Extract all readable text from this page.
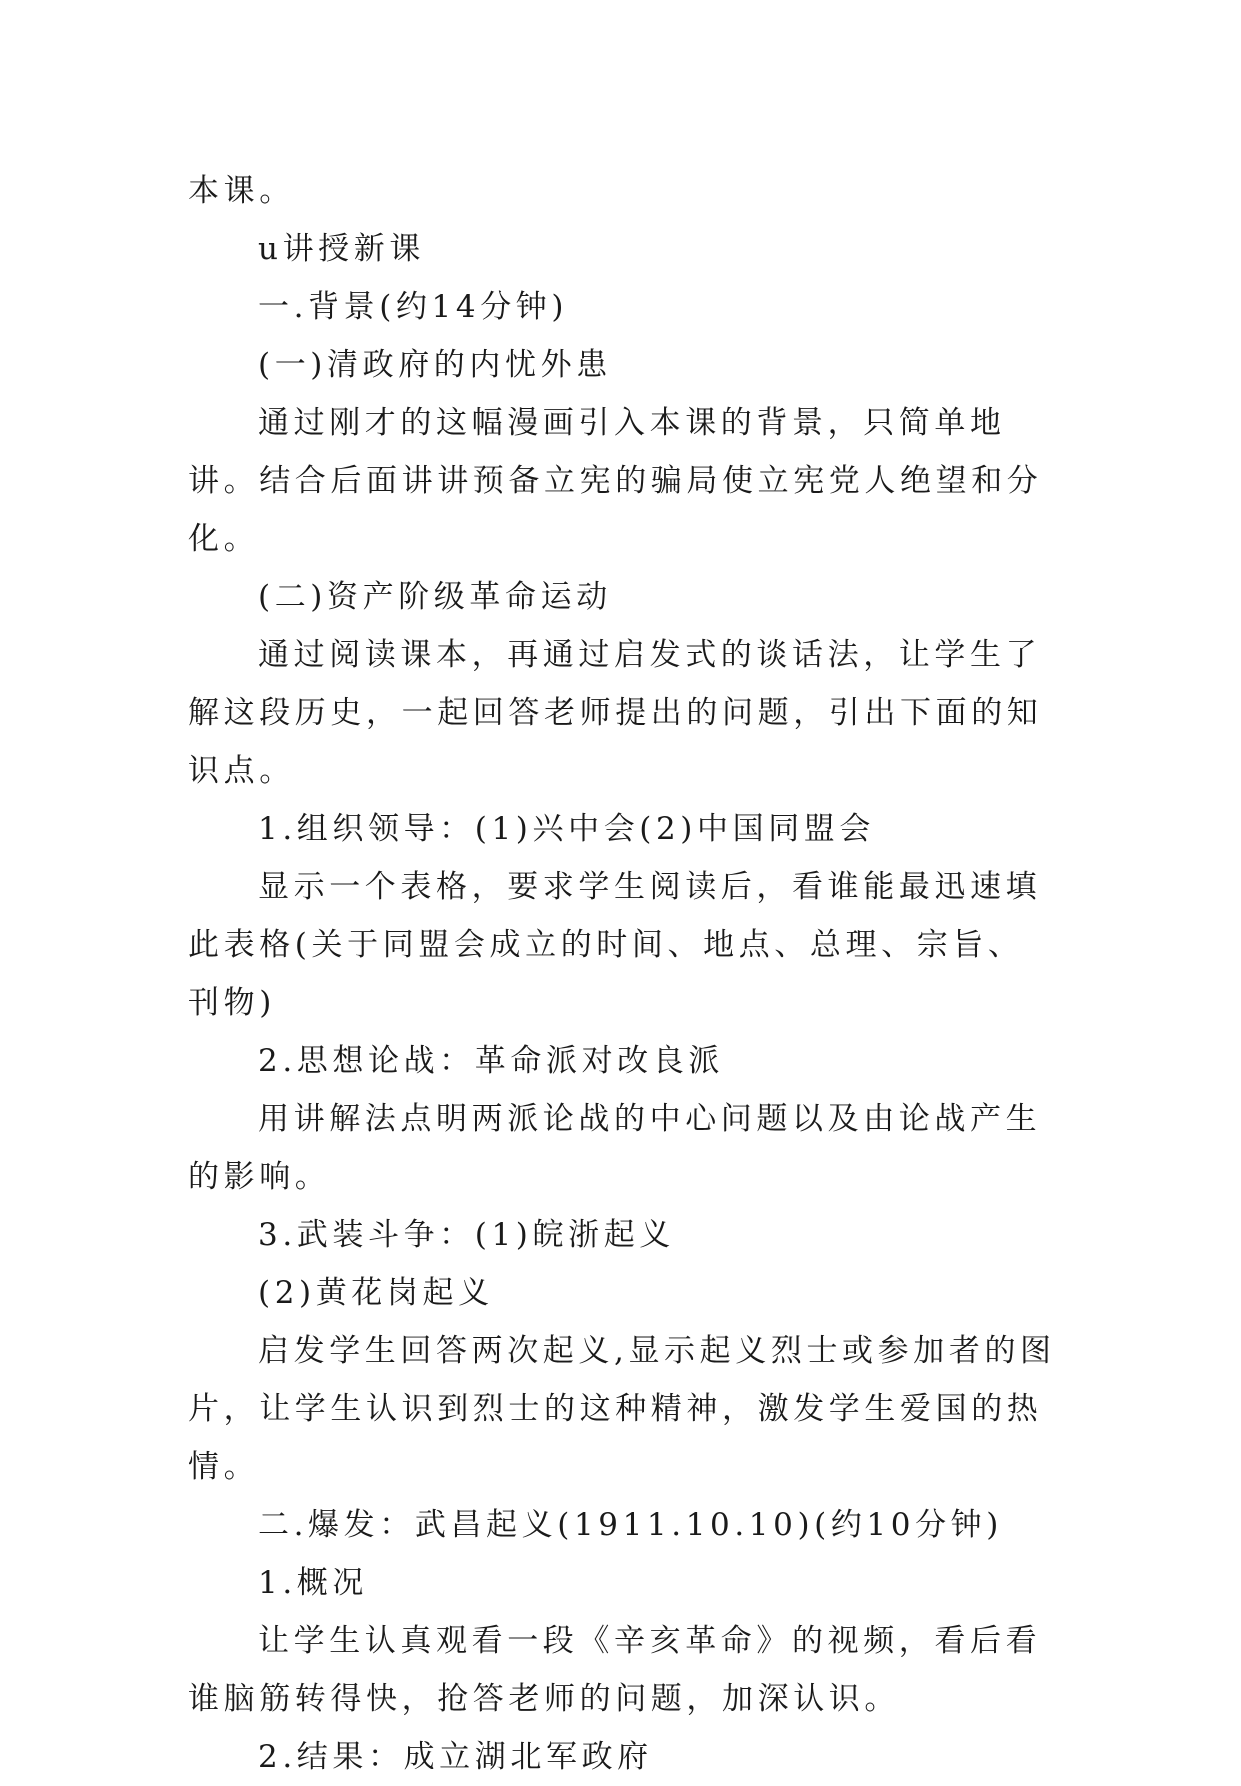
本课。

u讲授新课

一.背景(约14分钟)

(一)清政府的内忧外患

通过刚才的这幅漫画引入本课的背景，只简单地讲。结合后面讲讲预备立宪的骗局使立宪党人绝望和分化。

(二)资产阶级革命运动

通过阅读课本，再通过启发式的谈话法，让学生了解这段历史，一起回答老师提出的问题，引出下面的知识点。

1.组织领导：(1)兴中会(2)中国同盟会

显示一个表格，要求学生阅读后，看谁能最迅速填此表格(关于同盟会成立的时间、地点、总理、宗旨、刊物)

2.思想论战：革命派对改良派

用讲解法点明两派论战的中心问题以及由论战产生的影响。

3.武装斗争：(1)皖浙起义

(2)黄花岗起义

启发学生回答两次起义,显示起义烈士或参加者的图片，让学生认识到烈士的这种精神，激发学生爱国的热情。

二.爆发：武昌起义(1911.10.10)(约10分钟)

1.概况

让学生认真观看一段《辛亥革命》的视频，看后看谁脑筋转得快，抢答老师的问题，加深认识。

2.结果：成立湖北军政府
